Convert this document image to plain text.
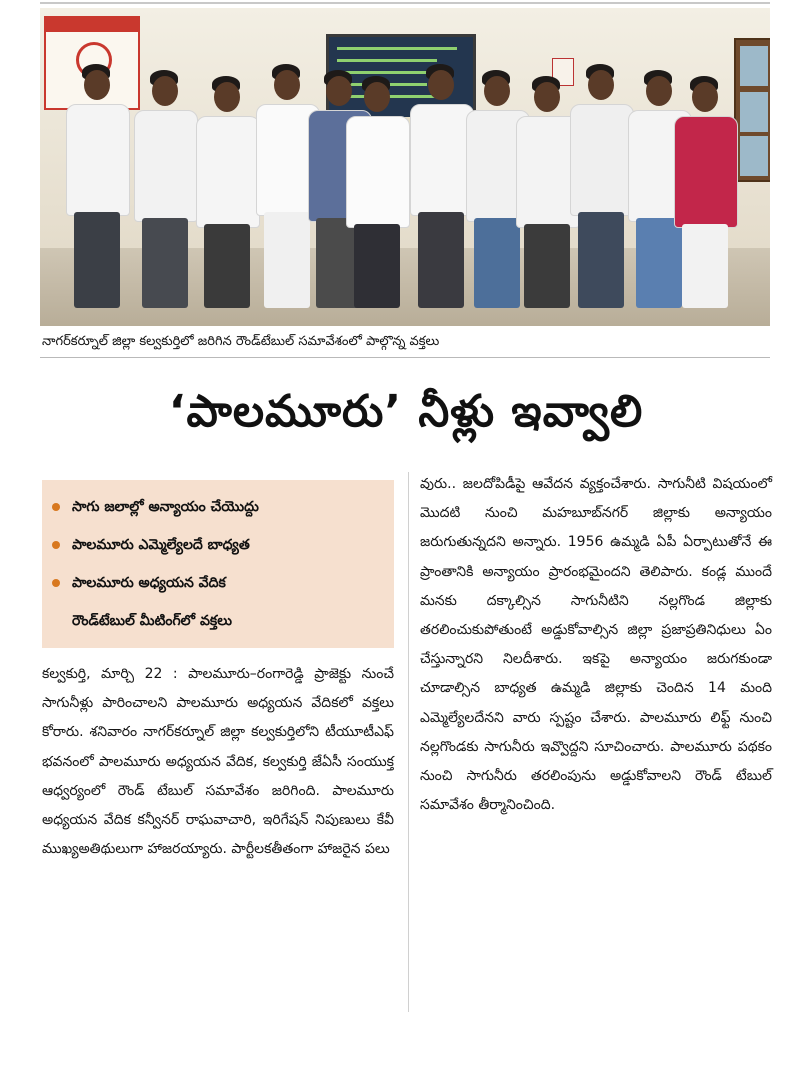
నాగర్‌కర్నూల్ జిల్లా కల్వకుర్తిలో జరిగిన రౌండ్‌టేబుల్ సమావేశంలో పాల్గొన్న వక్తలు
‘పాలమూరు’ నీళ్లు ఇవ్వాలి
సాగు జలాల్లో అన్యాయం చేయొద్దు
పాలమూరు ఎమ్మెల్యేలదే బాధ్యత
పాలమూరు అధ్యయన వేదిక
రౌండ్‌టేబుల్ మీటింగ్‌లో వక్తలు

కల్వకుర్తి, మార్చి 22 : పాలమూరు–రంగారెడ్డి ప్రాజెక్టు నుంచే సాగునీళ్లు పారించాలని పాలమూరు అధ్యయన వేదికలో వక్తలు కోరారు. శనివారం నాగర్‌కర్నూల్ జిల్లా కల్వకుర్తిలోని టీయూటీఎఫ్ భవనంలో పాలమూరు అధ్యయన వేదిక, కల్వకుర్తి జేఏసీ సంయుక్త ఆధ్వర్యంలో రౌండ్ టేబుల్ సమావేశం జరిగింది. పాలమూరు అధ్యయన వేదిక కన్వీనర్ రాఘవాచారి, ఇరిగేషన్ నిపుణులు కేవీ ముఖ్యఅతిథులుగా హాజరయ్యారు. పార్టీలకతీతంగా హాజరైన పలు

వురు.. జలదోపిడీపై ఆవేదన వ్యక్తంచేశారు. సాగునీటి విషయంలో మొదటి నుంచి మహబూబ్‌నగర్ జిల్లాకు అన్యాయం జరుగుతున్నదని అన్నారు. 1956 ఉమ్మడి ఏపీ ఏర్పాటుతోనే ఈ ప్రాంతానికి అన్యాయం ప్రారంభమైందని తెలిపారు. కండ్ల ముందే మనకు దక్కాల్సిన సాగునీటిని నల్లగొండ జిల్లాకు తరలించుకుపోతుంటే అడ్డుకోవాల్సిన జిల్లా ప్రజాప్రతినిధులు ఏం చేస్తున్నారని నిలదీశారు. ఇకపై అన్యాయం జరుగకుండా చూడాల్సిన బాధ్యత ఉమ్మడి జిల్లాకు చెందిన 14 మంది ఎమ్మెల్యేలదేనని వారు స్పష్టం చేశారు. పాలమూరు లిఫ్ట్ నుంచి నల్లగొండకు సాగునీరు ఇవ్వొద్దని సూచించారు. పాలమూరు పథకం నుంచి సాగునీరు తరలింపును అడ్డుకోవాలని రౌండ్ టేబుల్ సమావేశం తీర్మానించింది.
